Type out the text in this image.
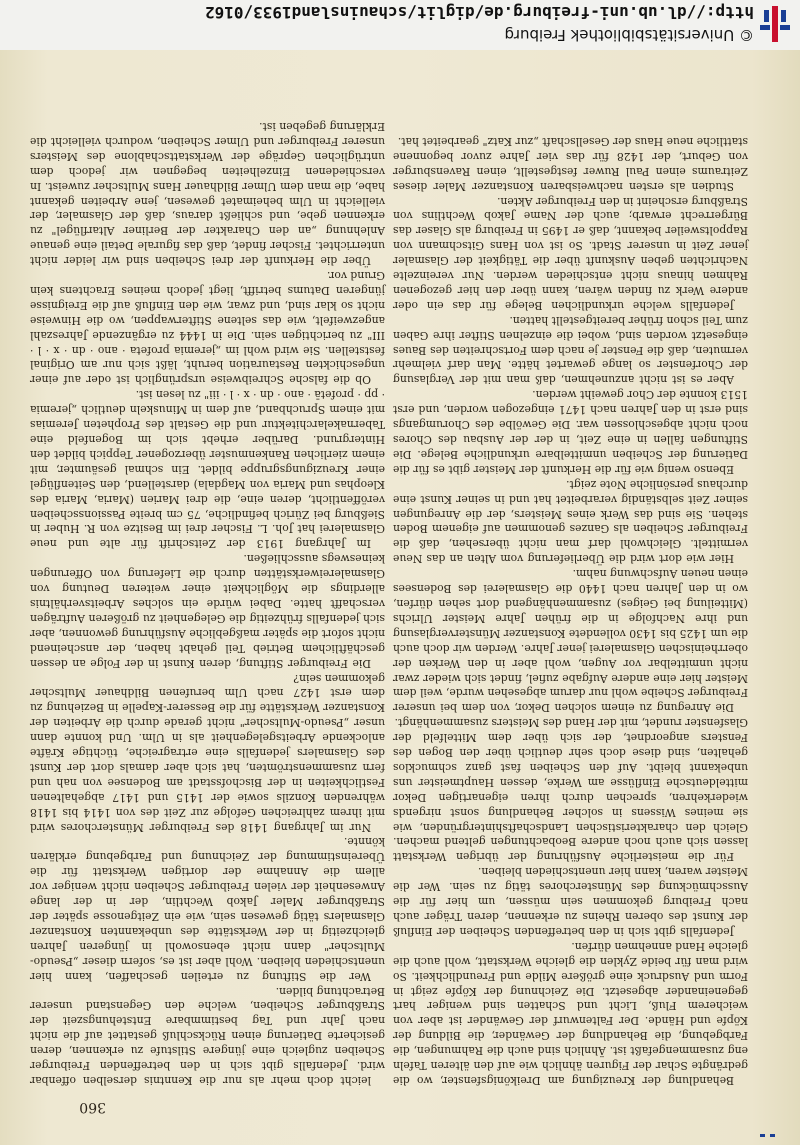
© Universitätsbibliothek Freiburg
http://dl.ub.uni-freiburg.de/diglit/schauinsland1933/0162
360

Behandlung der Kreuzigung am Dreikönigsfenster, wo die gedrängte Schar der Figuren ähnlich wie auf den älteren Tafeln eng zusammengefaßt ist. Ähnlich sind auch die Rahmungen, die Farbgebung, die Behandlung der Gewänder, die Bildung der Köpfe und Hände. Der Faltenwurf der Gewänder ist aber von weicherem Fluß, Licht und Schatten sind weniger hart gegeneinander abgesetzt. Die Zeichnung der Köpfe zeigt in Form und Ausdruck eine größere Milde und Freundlichkeit. So wird man für beide Zyklen die gleiche Werkstatt, wohl auch die gleiche Hand annehmen dürfen.

Jedenfalls gibt sich in den betreffenden Scheiben der Einfluß der Kunst des oberen Rheins zu erkennen, deren Träger auch nach Freiburg gekommen sein müssen, um hier für die Ausschmückung des Münsterchores tätig zu sein. Wer die Meister waren, kann hier unentschieden bleiben.

Für die meisterliche Ausführung der übrigen Werkstatt lassen sich auch noch andere Beobachtungen geltend machen. Gleich den charakteristischen Landschaftshintergründen, wie sie meines Wissens in solcher Behandlung sonst nirgends wiederkehren, sprechen durch ihren eigenartigen Dekor mitteldeutsche Einflüsse am Werke, dessen Hauptmeister uns unbekannt bleibt. Auf den Scheiben fast ganz schmucklos gehalten, sind diese doch sehr deutlich über den Bogen des Fensters angeordnet, der sich über dem Mittelfeld der Glasfenster rundet, mit der Hand des Meisters zusammenhängt.

Die Anregung zu einem solchen Dekor, von dem bei unserer Freiburger Scheibe wohl nur darum abgesehen wurde, weil dem Meister hier eine andere Aufgabe zufiel, findet sich wieder zwar nicht unmittelbar vor Augen, wohl aber in den Werken der oberrheinischen Glasmalerei jener Jahre. Werden wir doch auch die um 1425 bis 1430 vollendete Konstanzer Münsterverglasung und ihre Nachfolge in die frühen Jahre Meister Ulrichs (Mitteilung bei Geiges) zusammenhängend dort sehen dürfen, wo in den Jahren nach 1440 die Glasmalerei des Bodensees einen neuen Aufschwung nahm.

Hier wie dort wird die Überlieferung vom Alten an das Neue vermittelt. Gleichwohl darf man nicht übersehen, daß die Freiburger Scheiben als Ganzes genommen auf eigenem Boden stehen. Sie sind das Werk eines Meisters, der die Anregungen seiner Zeit selbständig verarbeitet hat und in seiner Kunst eine durchaus persönliche Note zeigt.

Ebenso wenig wie für die Herkunft der Meister gibt es für die Datierung der Scheiben unmittelbare urkundliche Belege. Die Stiftungen fallen in eine Zeit, in der der Ausbau des Chores noch nicht abgeschlossen war. Die Gewölbe des Chorumgangs sind erst in den Jahren nach 1471 eingezogen worden, und erst 1513 konnte der Chor geweiht werden.

Aber es ist nicht anzunehmen, daß man mit der Verglasung der Chorfenster so lange gewartet hätte. Man darf vielmehr vermuten, daß die Fenster je nach dem Fortschreiten des Baues eingesetzt worden sind, wobei die einzelnen Stifter ihre Gaben zum Teil schon früher bereitgestellt hatten.

Jedenfalls welche urkundlichen Belege für das ein oder andere Werk zu finden wären, kann über den hier gezogenen Rahmen hinaus nicht entschieden werden. Nur vereinzelte Nachrichten geben Auskunft über die Tätigkeit der Glasmaler jener Zeit in unserer Stadt. So ist von Hans Gitschmann von Rappoltsweiler bekannt, daß er 1495 in Freiburg als Glaser das Bürgerrecht erwarb; auch der Name Jakob Wechtlins von Straßburg erscheint in den Freiburger Akten.

Studien als ersten nachweisbaren Konstanzer Maler dieses Zeitraums einen Paul Ruwer festgestellt, einen Ravensburger von Geburt, der 1428 für das vier Jahre zuvor begonnene stattliche neue Haus der Gesellschaft „zur Katz" gearbeitet hat.

leicht doch mehr als nur die Kenntnis derselben offenbar wird. Jedenfalls gibt sich in den betreffenden Freiburger Scheiben zugleich eine jüngere Stilstufe zu erkennen, deren gesicherte Datierung einen Rückschluß gestattet auf die nicht nach Jahr und Tag bestimmbare Entstehungszeit der Straßburger Scheiben, welche den Gegenstand unserer Betrachtung bilden.

Wer die Stiftung zu erteilen geschaffen, kann hier unentschieden bleiben. Wohl aber ist es, sofern dieser „Pseudo-Multscher" dann nicht ebensowohl in jüngeren Jahren gleichzeitig in der Werkstätte des unbekannten Konstanzer Glasmalers tätig gewesen sein, wie ein Zeitgenosse später der Straßburger Maler Jakob Wechtlin, der in der lange Anwesenheit der vielen Freiburger Scheiben nicht weniger vor allem die Annahme der dortigen Werkstatt für die Übereinstimmung der Zeichnung und Farbgebung erklären könnte.

Nur im Jahrgang 1418 des Freiburger Münsterchores wird mit ihrem zahlreichen Gefolge zur Zeit des von 1414 bis 1418 währenden Konzils sowie der 1415 und 1417 abgehaltenen Festlichkeiten in der Bischofsstadt am Bodensee von nah und fern zusammenströmten, hat sich aber damals dort der Kunst des Glasmalers jedenfalls eine ertragreiche, tüchtige Kräfte anlockende Arbeitsgelegenheit als in Ulm. Und konnte dann unser „Pseudo-Multscher" nicht gerade durch die Arbeiten der Konstanzer Werkstätte für die Besserer-Kapelle in Beziehung zu dem erst 1427 nach Ulm berufenen Bildhauer Multscher gekommen sein?

Die Freiburger Stiftung, deren Kunst in der Folge an dessen geschäftlichem Betrieb Teil gehabt haben, der anscheinend nicht sofort die später maßgebliche Ausführung gewonnen, aber sich jedenfalls frühzeitig die Gelegenheit zu größeren Aufträgen verschafft hatte. Dabei würde ein solches Arbeitsverhältnis allerdings die Möglichkeit einer weiteren Deutung von Glasmalereiwerkstätten durch die Lieferung von Offerungen keineswegs ausschließen.

Im Jahrgang 1913 der Zeitschrift für alte und neue Glasmalerei hat Joh. L. Fischer drei im Besitze von R. Huber in Sießburg bei Zürich befindliche, 75 cm breite Passionsscheiben veröffentlicht, deren eine, die drei Marien (Maria, Maria des Kleophas und Maria von Magdala) darstellend, den Seitenflügel einer Kreuzigungsgruppe bildet. Ein schmal gesäumter, mit einem zierlichen Rankenmuster überzogener Teppich bildet den Hintergrund. Darüber erhebt sich im Bogenfeld eine Tabernakelarchitektur und die Gestalt des Propheten Jeremias mit einem Spruchband, auf dem in Minuskeln deutlich „jeremia · pp · profetā · ano · dn · x · l · iii" zu lesen ist.

Ob die falsche Schreibweise ursprünglich ist oder auf einer ungeschickten Restauration beruht, läßt sich nur am Original feststellen. Sie wird wohl im „jeremia profeta · ano · dn · x · l · III" zu berichtigen sein. Die in 1444 zu ergänzende Jahreszahl angezweifelt, wie das seltene Stifterwappen, wo die Hinweise nicht so klar sind, und zwar, wie den Einfluß auf die Ereignisse jüngeren Datums betrifft, liegt jedoch meines Erachtens kein Grund vor.

Über die Herkunft der drei Scheiben sind wir leider nicht unterrichtet. Fischer findet, daß das figurale Detail eine genaue Anlehnung „an den Charakter der Berliner Altarflügel" zu erkennen gebe, und schließt daraus, daß der Glasmaler, der vielleicht in Ulm beheimatet gewesen, jene Arbeiten gekannt habe, die man dem Ulmer Bildhauer Hans Multscher zuweist. In verschiedenen Einzelheiten begegnen wir jedoch dem untrüglichen Gepräge der Werkstattschablone des Meisters unserer Freiburger und Ulmer Scheiben, wodurch vielleicht die Erklärung gegeben ist.
